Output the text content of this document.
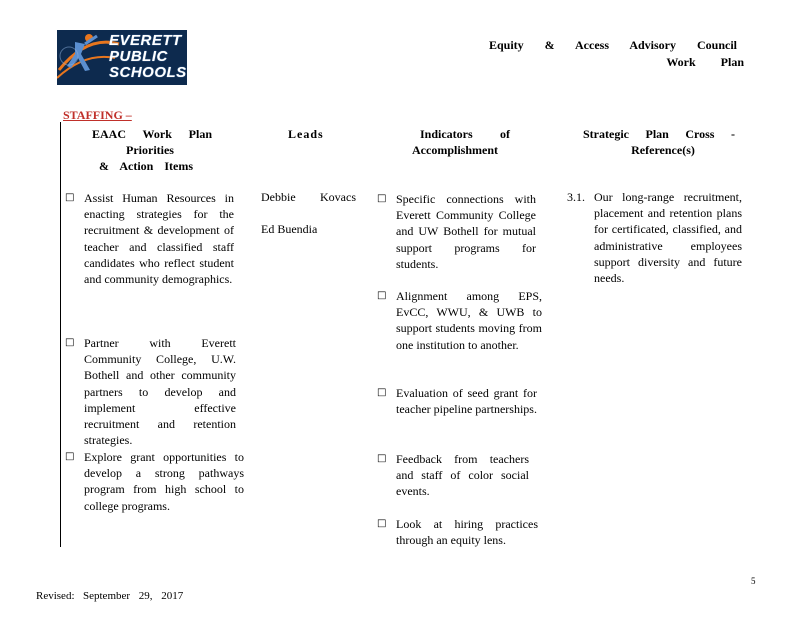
EVERETT
PUBLIC
SCHOOLS
Equity & Access Advisory Council
Work Plan
STAFFING –
EAAC Work Plan
Priorities
& Action Items
Leads	Indicators of
Accomplishment
Strategic Plan Cross -
Reference(s)
□ Assist Human Resources in enacting strategies for the recruitment & development of teacher and classified staff candidates who reflect student and community demographics.
□ Partner with Everett Community College, U.W. Bothell and other community partners to develop and implement effective recruitment and retention strategies.
□ Explore grant opportunities to develop a strong pathways program from high school to college programs.
Debbie Kovacs
Ed Buendia
□ Specific connections with Everett Community College and UW Bothell for mutual support programs for students.
□ Alignment among EPS, EvCC, WWU, & UWB to support students moving from one institution to another.
□ Evaluation of seed grant for teacher pipeline partnerships.
□ Feedback from teachers and staff of color social events.
□ Look at hiring practices through an equity lens.
3.1. Our long-range recruitment, placement and retention plans for certificated, classified, and administrative employees support diversity and future needs.
5
Revised: September 29, 2017
